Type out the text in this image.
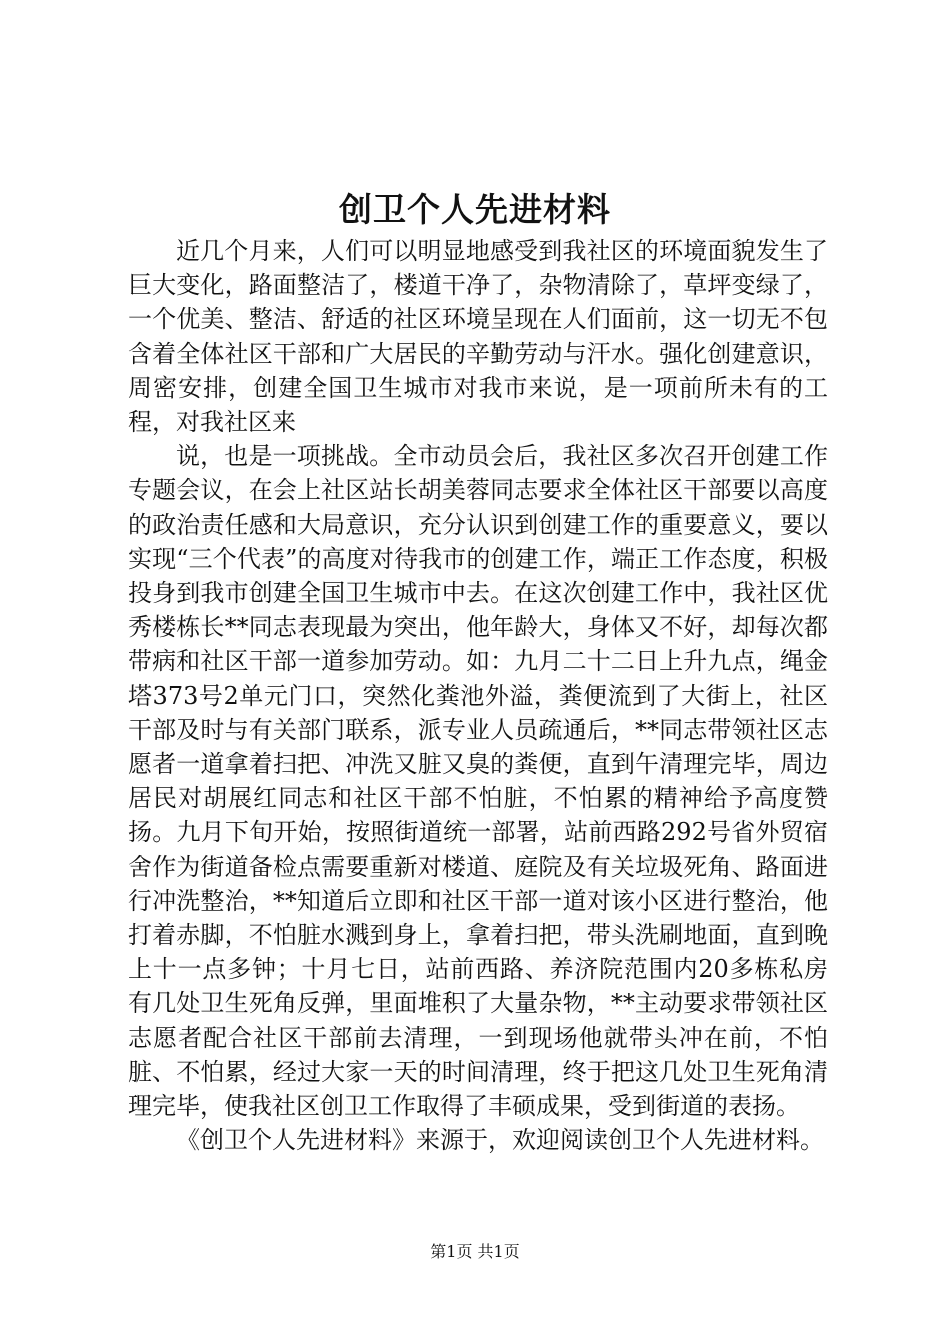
创卫个人先进材料

近几个月来，人们可以明显地感受到我社区的环境面貌发生了巨大变化，路面整洁了，楼道干净了，杂物清除了，草坪变绿了，一个优美、整洁、舒适的社区环境呈现在人们面前，这一切无不包含着全体社区干部和广大居民的辛勤劳动与汗水。强化创建意识，周密安排，创建全国卫生城市对我市来说，是一项前所未有的工程，对我社区来

说，也是一项挑战。全市动员会后，我社区多次召开创建工作专题会议，在会上社区站长胡美蓉同志要求全体社区干部要以高度的政治责任感和大局意识，充分认识到创建工作的重要意义，要以实现“三个代表”的高度对待我市的创建工作，端正工作态度，积极投身到我市创建全国卫生城市中去。在这次创建工作中，我社区优秀楼栋长**同志表现最为突出，他年龄大，身体又不好，却每次都带病和社区干部一道参加劳动。如：九月二十二日上升九点，绳金塔373号2单元门口，突然化粪池外溢，粪便流到了大街上，社区干部及时与有关部门联系，派专业人员疏通后，**同志带领社区志愿者一道拿着扫把、冲洗又脏又臭的粪便，直到午清理完毕，周边居民对胡展红同志和社区干部不怕脏，不怕累的精神给予高度赞扬。九月下旬开始，按照街道统一部署，站前西路292号省外贸宿舍作为街道备检点需要重新对楼道、庭院及有关垃圾死角、路面进行冲洗整治，**知道后立即和社区干部一道对该小区进行整治，他打着赤脚，不怕脏水溅到身上，拿着扫把，带头洗刷地面，直到晚上十一点多钟；十月七日，站前西路、养济院范围内20多栋私房有几处卫生死角反弹，里面堆积了大量杂物，**主动要求带领社区志愿者配合社区干部前去清理，一到现场他就带头冲在前，不怕脏、不怕累，经过大家一天的时间清理，终于把这几处卫生死角清理完毕，使我社区创卫工作取得了丰硕成果，受到街道的表扬。

《创卫个人先进材料》来源于，欢迎阅读创卫个人先进材料。

第1页 共1页
